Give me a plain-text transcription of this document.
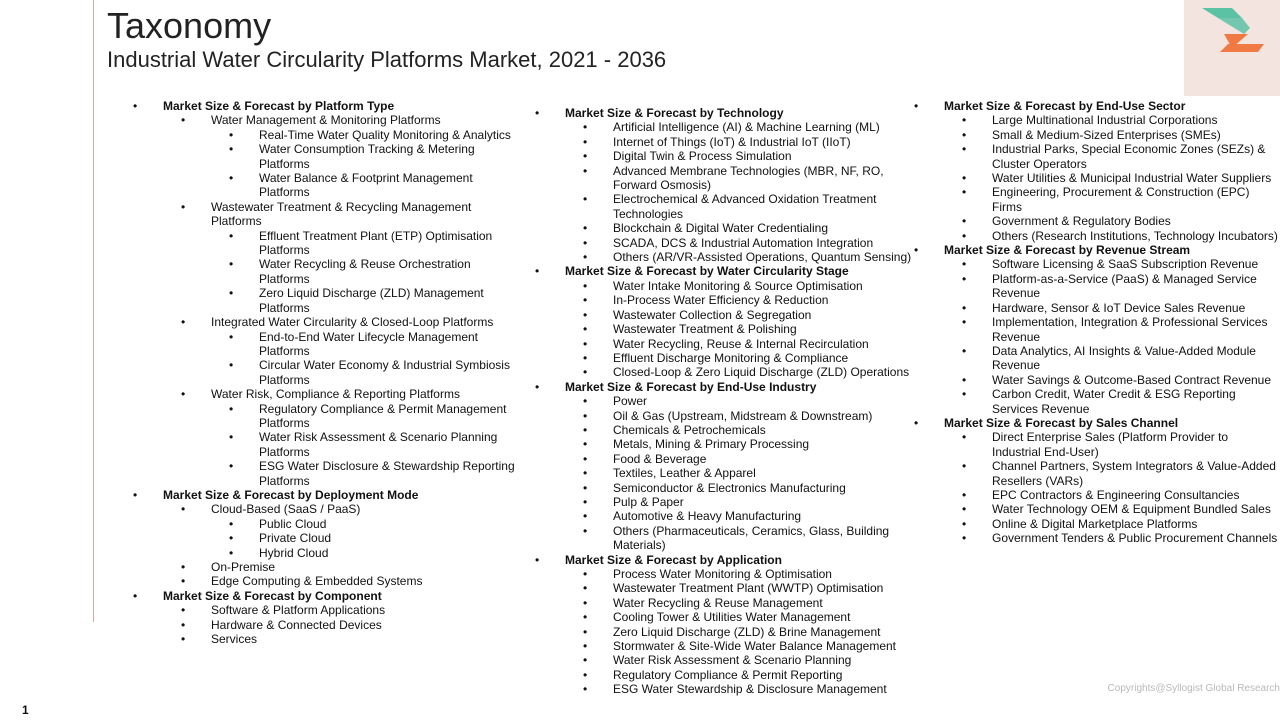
Taxonomy
Industrial Water Circularity Platforms Market, 2021 - 2036
• Market Size & Forecast by Platform Type
• Water Management & Monitoring Platforms
• Real-Time Water Quality Monitoring & Analytics
• Water Consumption Tracking & Metering Platforms
• Water Balance & Footprint Management Platforms
• Wastewater Treatment & Recycling Management Platforms
• Effluent Treatment Plant (ETP) Optimisation Platforms
• Water Recycling & Reuse Orchestration Platforms
• Zero Liquid Discharge (ZLD) Management Platforms
• Integrated Water Circularity & Closed-Loop Platforms
• End-to-End Water Lifecycle Management Platforms
• Circular Water Economy & Industrial Symbiosis Platforms
• Water Risk, Compliance & Reporting Platforms
• Regulatory Compliance & Permit Management Platforms
• Water Risk Assessment & Scenario Planning Platforms
• ESG Water Disclosure & Stewardship Reporting Platforms
• Market Size & Forecast by Deployment Mode
• Cloud-Based (SaaS / PaaS)
• Public Cloud
• Private Cloud
• Hybrid Cloud
• On-Premise
• Edge Computing & Embedded Systems
• Market Size & Forecast by Component
• Software & Platform Applications
• Hardware & Connected Devices
• Services
• Market Size & Forecast by Technology
• Artificial Intelligence (AI) & Machine Learning (ML)
• Internet of Things (IoT) & Industrial IoT (IIoT)
• Digital Twin & Process Simulation
• Advanced Membrane Technologies (MBR, NF, RO, Forward Osmosis)
• Electrochemical & Advanced Oxidation Treatment Technologies
• Blockchain & Digital Water Credentialing
• SCADA, DCS & Industrial Automation Integration
• Others (AR/VR-Assisted Operations, Quantum Sensing)
• Market Size & Forecast by Water Circularity Stage
• Water Intake Monitoring & Source Optimisation
• In-Process Water Efficiency & Reduction
• Wastewater Collection & Segregation
• Wastewater Treatment & Polishing
• Water Recycling, Reuse & Internal Recirculation
• Effluent Discharge Monitoring & Compliance
• Closed-Loop & Zero Liquid Discharge (ZLD) Operations
• Market Size & Forecast by End-Use Industry
• Power
• Oil & Gas (Upstream, Midstream & Downstream)
• Chemicals & Petrochemicals
• Metals, Mining & Primary Processing
• Food & Beverage
• Textiles, Leather & Apparel
• Semiconductor & Electronics Manufacturing
• Pulp & Paper
• Automotive & Heavy Manufacturing
• Others (Pharmaceuticals, Ceramics, Glass, Building Materials)
• Market Size & Forecast by Application
• Process Water Monitoring & Optimisation
• Wastewater Treatment Plant (WWTP) Optimisation
• Water Recycling & Reuse Management
• Cooling Tower & Utilities Water Management
• Zero Liquid Discharge (ZLD) & Brine Management
• Stormwater & Site-Wide Water Balance Management
• Water Risk Assessment & Scenario Planning
• Regulatory Compliance & Permit Reporting
• ESG Water Stewardship & Disclosure Management
• Market Size & Forecast by End-Use Sector
• Large Multinational Industrial Corporations
• Small & Medium-Sized Enterprises (SMEs)
• Industrial Parks, Special Economic Zones (SEZs) & Cluster Operators
• Water Utilities & Municipal Industrial Water Suppliers
• Engineering, Procurement & Construction (EPC) Firms
• Government & Regulatory Bodies
• Others (Research Institutions, Technology Incubators)
• Market Size & Forecast by Revenue Stream
• Software Licensing & SaaS Subscription Revenue
• Platform-as-a-Service (PaaS) & Managed Service Revenue
• Hardware, Sensor & IoT Device Sales Revenue
• Implementation, Integration & Professional Services Revenue
• Data Analytics, AI Insights & Value-Added Module Revenue
• Water Savings & Outcome-Based Contract Revenue
• Carbon Credit, Water Credit & ESG Reporting Services Revenue
• Market Size & Forecast by Sales Channel
• Direct Enterprise Sales (Platform Provider to Industrial End-User)
• Channel Partners, System Integrators & Value-Added Resellers (VARs)
• EPC Contractors & Engineering Consultancies
• Water Technology OEM & Equipment Bundled Sales
• Online & Digital Marketplace Platforms
• Government Tenders & Public Procurement Channels
1
Copyrights@Syllogist Global Research
